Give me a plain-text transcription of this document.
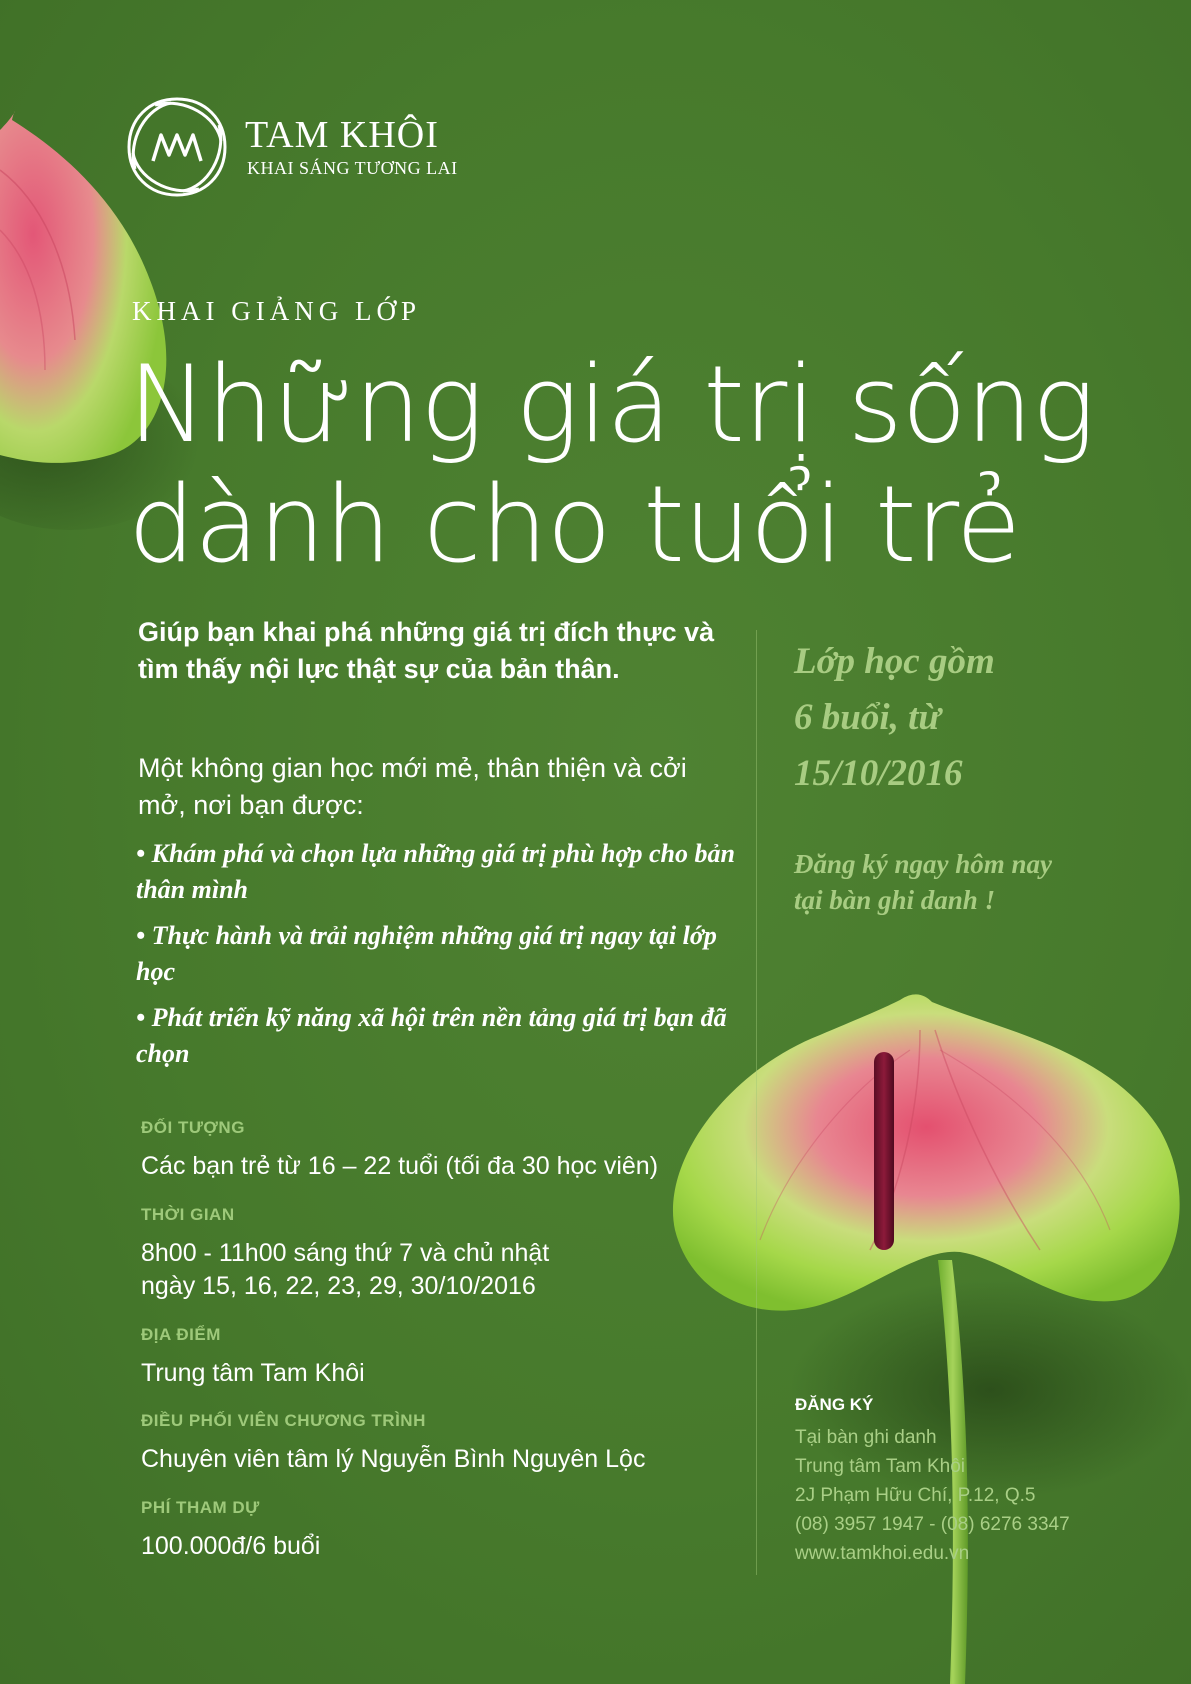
TAM KHÔI
KHAI SÁNG TƯƠNG LAI
KHAI GIẢNG LỚP
Những giá trị sống
dành cho tuổi trẻ
Giúp bạn khai phá những giá trị đích thực và tìm thấy nội lực thật sự của bản thân.
Một không gian học mới mẻ, thân thiện và cởi mở, nơi bạn được:
• Khám phá và chọn lựa những giá trị phù hợp cho bản thân mình
• Thực hành và trải nghiệm những giá trị ngay tại lớp học
• Phát triển kỹ năng xã hội trên nền tảng giá trị bạn đã chọn
ĐỐI TƯỢNG
Các bạn trẻ từ 16 – 22 tuổi (tối đa 30 học viên)
THỜI GIAN
8h00 - 11h00 sáng thứ 7 và chủ nhật
ngày 15, 16, 22, 23, 29, 30/10/2016
ĐỊA ĐIỂM
Trung tâm Tam Khôi
ĐIỀU PHỐI VIÊN CHƯƠNG TRÌNH
Chuyên viên tâm lý Nguyễn Bình Nguyên Lộc
PHÍ THAM DỰ
100.000đ/6 buổi
Lớp học gồm
6 buổi, từ
15/10/2016
Đăng ký ngay hôm nay
tại bàn ghi danh !
ĐĂNG KÝ
Tại bàn ghi danh
Trung tâm Tam Khôi
2J Phạm Hữu Chí, P.12, Q.5
(08) 3957 1947 - (08) 6276 3347
www.tamkhoi.edu.vn
